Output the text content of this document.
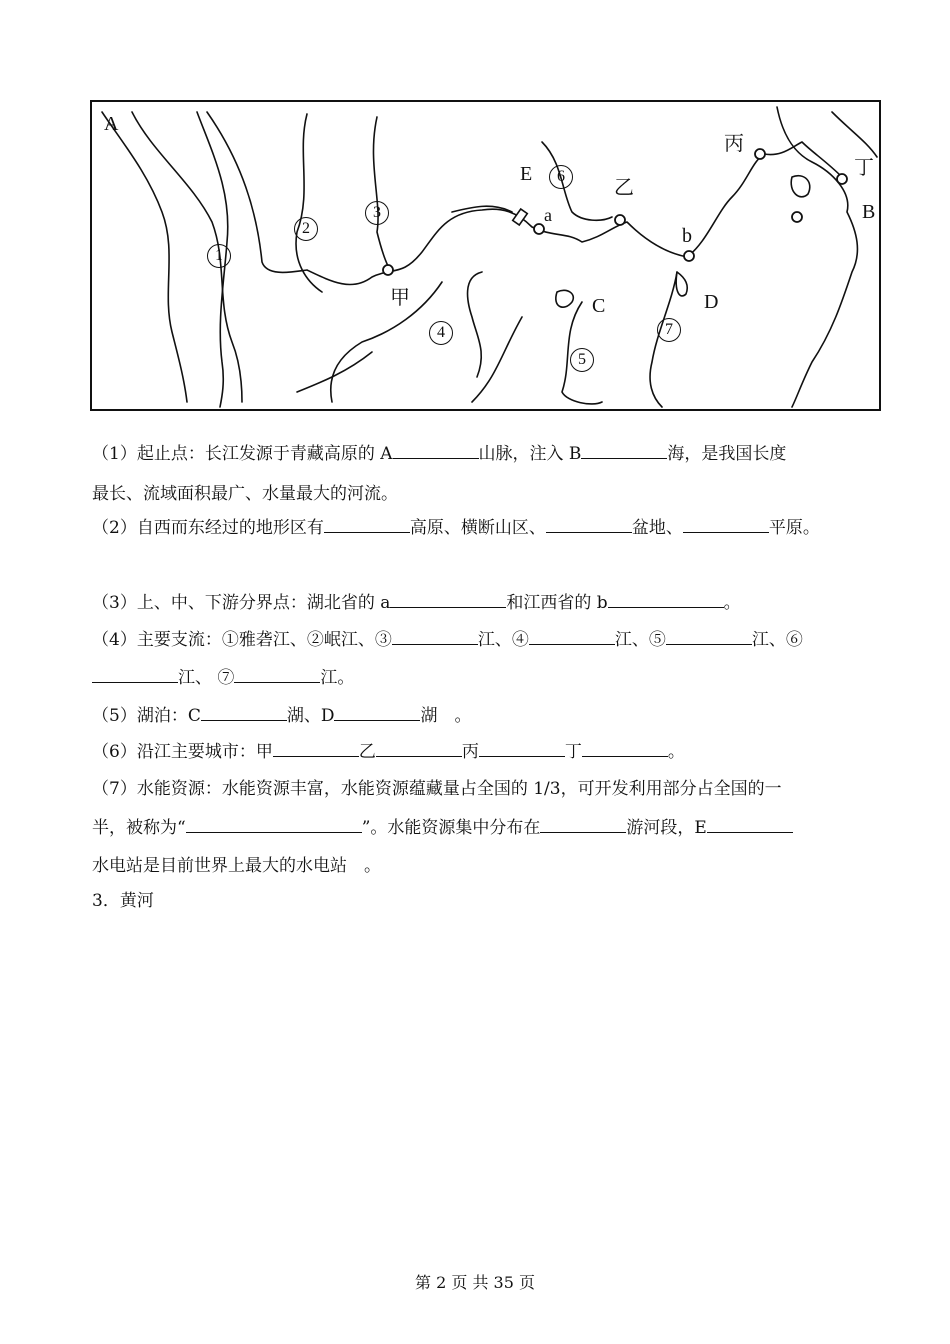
A
B
C	D
E
a
b
甲
乙
丙
丁
1
2
3
4
5
6
7
（1）起止点：长江发源于青藏高原的 A	山脉，注入 B	海，是我国长度
最长、流域面积最广、水量最大的河流。
（2）自西而东经过的地形区有	高原、横断山区、	盆地、	平原。
（3）上、中、下游分界点：湖北省的 a	和江西省的 b	。
（4）主要支流：①雅砻江、②岷江、③	江、④	江、⑤	江、⑥
江、 ⑦	江。
（5）湖泊：C	湖、D	湖　。
（6）沿江主要城市：甲	乙	丙	丁	。
（7）水能资源：水能资源丰富，水能资源蕴藏量占全国的 1/3，可开发利用部分占全国的一
半，被称为“	”。水能资源集中分布在	游河段，E
水电站是目前世界上最大的水电站　。
3．黄河
第 2 页 共 35 页
